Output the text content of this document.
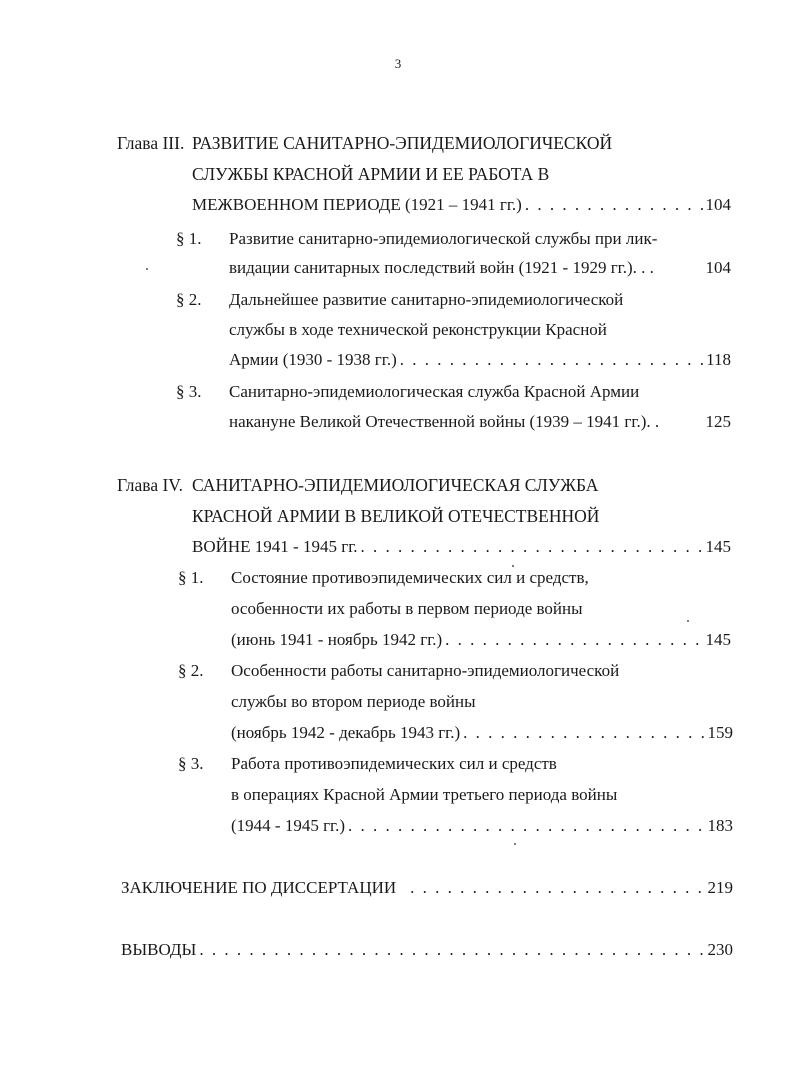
3
Глава III. РАЗВИТИЕ САНИТАРНО-ЭПИДЕМИОЛОГИЧЕСКОЙ
СЛУЖБЫ КРАСНОЙ АРМИИ И ЕЕ РАБОТА В
МЕЖВОЕННОМ ПЕРИОДЕ (1921 – 1941 гг.) . . .	104
§ 1. Развитие санитарно-эпидемиологической службы при лик-
видации санитарных последствий войн (1921 - 1929 гг.). . .	104
§ 2. Дальнейшее развитие санитарно-эпидемиологической
службы в ходе технической реконструкции Красной
Армии (1930 - 1938 гг.) . . .	118
§ 3. Санитарно-эпидемиологическая служба Красной Армии
накануне Великой Отечественной войны (1939 – 1941 гг.). .	125
Глава IV. САНИТАРНО-ЭПИДЕМИОЛОГИЧЕСКАЯ СЛУЖБА
КРАСНОЙ АРМИИ В ВЕЛИКОЙ ОТЕЧЕСТВЕННОЙ
ВОЙНЕ 1941 - 1945 гг. . . .	145
§ 1. Состояние противоэпидемических сил и средств,
особенности их работы в первом периоде войны
(июнь 1941 - ноябрь 1942 гг.) . . .	145
§ 2. Особенности работы санитарно-эпидемиологической
службы во втором периоде войны
(ноябрь 1942 - декабрь 1943 гг.) . . .	159
§ 3. Работа противоэпидемических сил и средств
в операциях Красной Армии третьего периода войны
(1944 - 1945 гг.) . . .	183
ЗАКЛЮЧЕНИЕ ПО ДИССЕРТАЦИИ . . .	219
ВЫВОДЫ . . .	230
